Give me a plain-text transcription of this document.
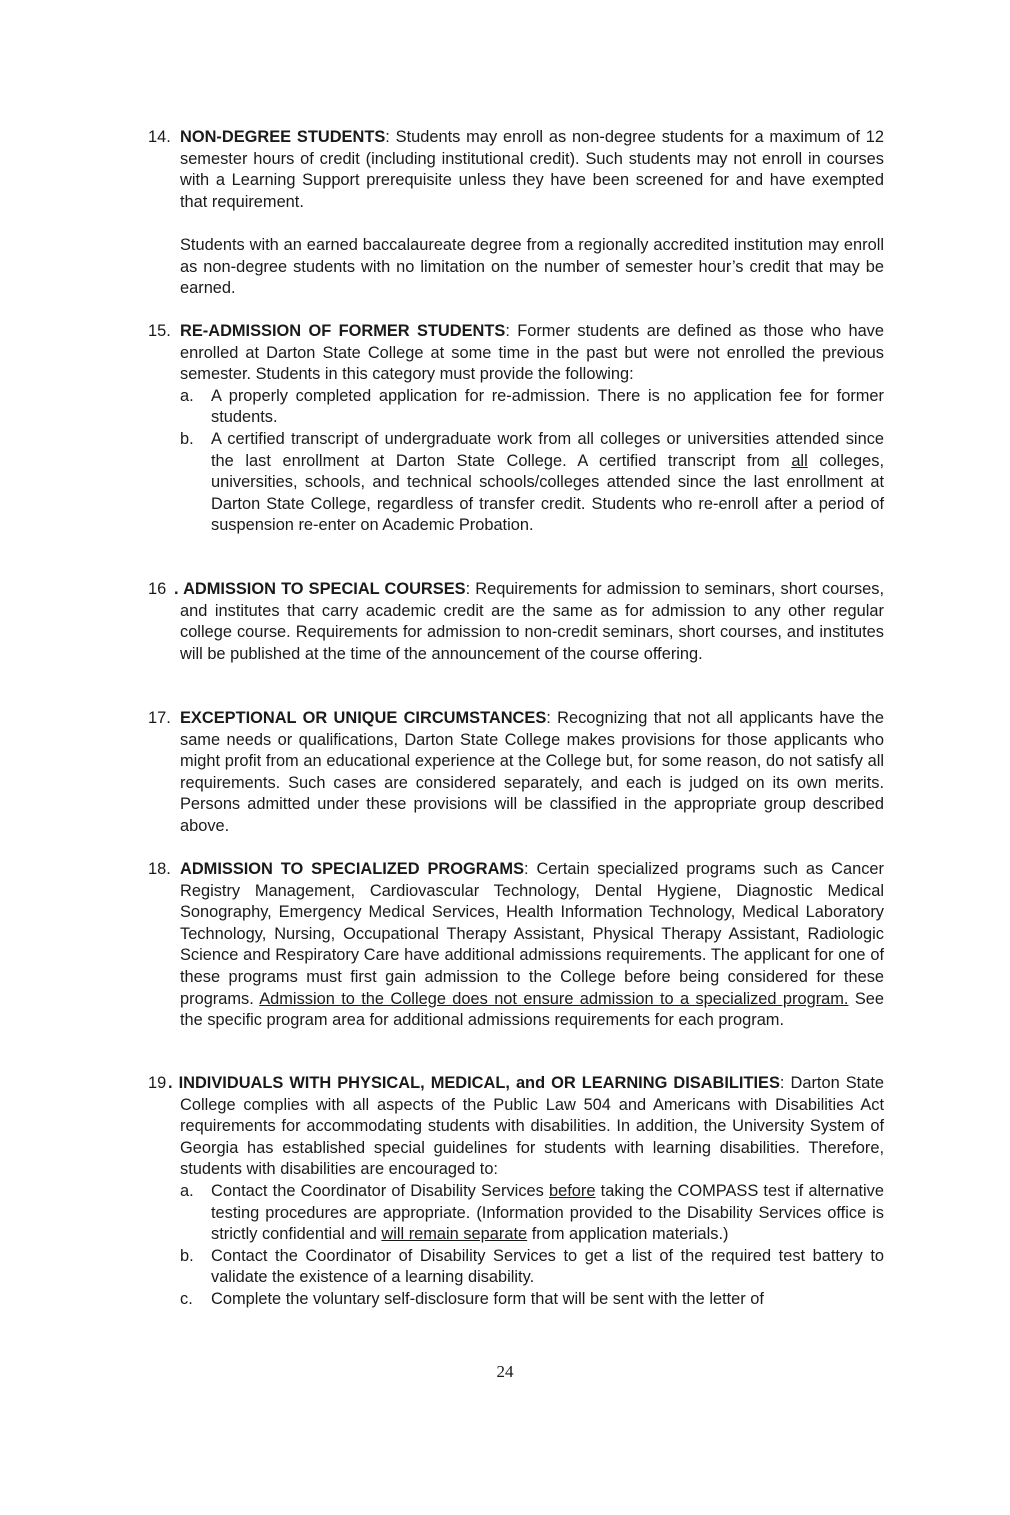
14. NON-DEGREE STUDENTS: Students may enroll as non-degree students for a maximum of 12 semester hours of credit (including institutional credit). Such students may not enroll in courses with a Learning Support prerequisite unless they have been screened for and have exempted that requirement.

Students with an earned baccalaureate degree from a regionally accredited institution may enroll as non-degree students with no limitation on the number of semester hour’s credit that may be earned.

15. RE-ADMISSION OF FORMER STUDENTS: Former students are defined as those who have enrolled at Darton State College at some time in the past but were not enrolled the previous semester. Students in this category must provide the following:

a. A properly completed application for re-admission. There is no application fee for former students.
b. A certified transcript of undergraduate work from all colleges or universities attended since the last enrollment at Darton State College. A certified transcript from all colleges, universities, schools, and technical schools/colleges attended since the last enrollment at Darton State College, regardless of transfer credit. Students who re-enroll after a period of suspension re-enter on Academic Probation.
16 . ADMISSION TO SPECIAL COURSES: Requirements for admission to seminars, short courses, and institutes that carry academic credit are the same as for admission to any other regular college course. Requirements for admission to non-credit seminars, short courses, and institutes will be published at the time of the announcement of the course offering.

17. EXCEPTIONAL OR UNIQUE CIRCUMSTANCES: Recognizing that not all applicants have the same needs or qualifications, Darton State College makes provisions for those applicants who might profit from an educational experience at the College but, for some reason, do not satisfy all requirements. Such cases are considered separately, and each is judged on its own merits. Persons admitted under these provisions will be classified in the appropriate group described above.

18. ADMISSION TO SPECIALIZED PROGRAMS: Certain specialized programs such as Cancer Registry Management, Cardiovascular Technology, Dental Hygiene, Diagnostic Medical Sonography, Emergency Medical Services, Health Information Technology, Medical Laboratory Technology, Nursing, Occupational Therapy Assistant, Physical Therapy Assistant, Radiologic Science and Respiratory Care have additional admissions requirements. The applicant for one of these programs must first gain admission to the College before being considered for these programs. Admission to the College does not ensure admission to a specialized program. See the specific program area for additional admissions requirements for each program.

19 . INDIVIDUALS WITH PHYSICAL, MEDICAL, and OR LEARNING DISABILITIES: Darton State College complies with all aspects of the Public Law 504 and Americans with Disabilities Act requirements for accommodating students with disabilities. In addition, the University System of Georgia has established special guidelines for students with learning disabilities. Therefore, students with disabilities are encouraged to:

a. Contact the Coordinator of Disability Services before taking the COMPASS test if alternative testing procedures are appropriate. (Information provided to the Disability Services office is strictly confidential and will remain separate from application materials.)
b. Contact the Coordinator of Disability Services to get a list of the required test battery to validate the existence of a learning disability.
c. Complete the voluntary self-disclosure form that will be sent with the letter of
24
